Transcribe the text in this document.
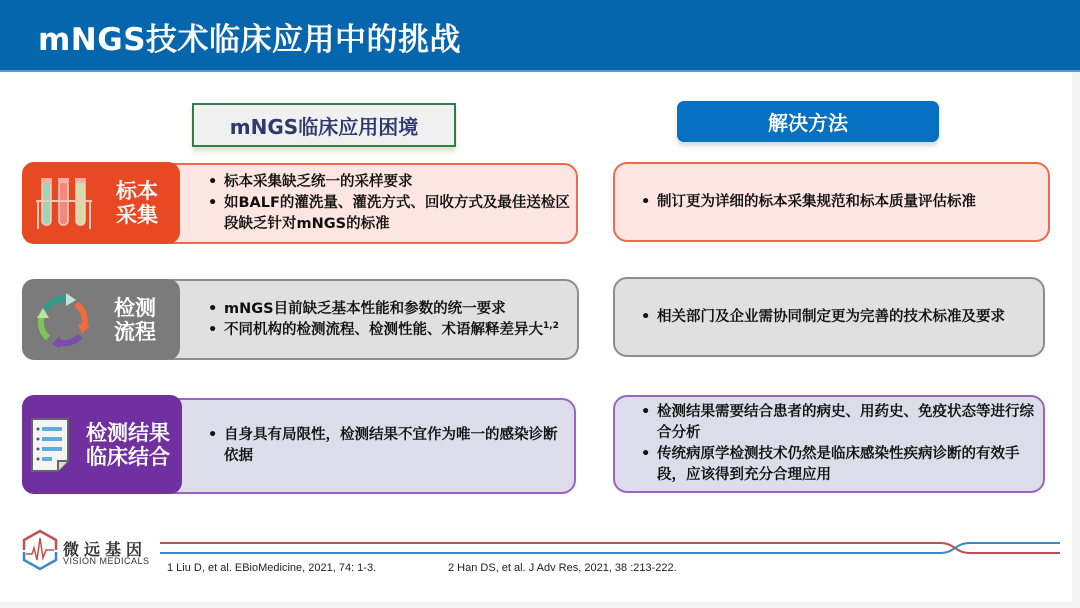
mNGS技术临床应用中的挑战
mNGS临床应用困境	解决方法
• 标本采集缺乏统一的采样要求
• 如BALF的灌洗量、灌洗方式、回收方式及最佳送检区段缺乏针对mNGS的标准
标本
采集
• 制订更为详细的标本采集规范和标本质量评估标准
• mNGS目前缺乏基本性能和参数的统一要求
• 不同机构的检测流程、检测性能、术语解释差异大$^{1,2}$
检测
流程
• 相关部门及企业需协同制定更为完善的技术标准及要求
• 自身具有局限性，检测结果不宜作为唯一的感染诊断依据
检测结果
临床结合
• 检测结果需要结合患者的病史、用药史、免疫状态等进行综合分析
• 传统病原学检测技术仍然是临床感染性疾病诊断的有效手段，应该得到充分合理应用
微远基因
VISION MEDICALS
1 Liu D, et al. EBioMedicine, 2021, 74: 1-3.	2 Han DS, et al. J Adv Res, 2021, 38 :213-222.
